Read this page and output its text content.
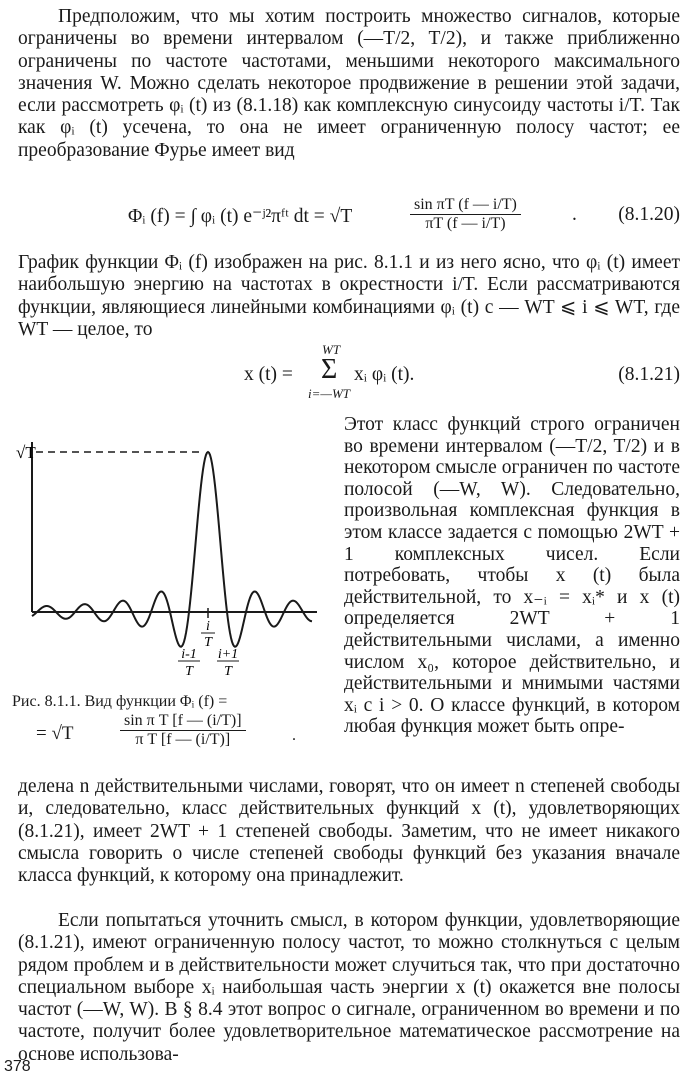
Предположим, что мы хотим построить множество сигналов, которые ограничены во времени интервалом (—T/2, T/2), и также приближенно ограничены по частоте частотами, меньшими некоторого максимального значения W. Можно сделать некоторое продвижение в решении этой задачи, если рассмотреть φᵢ (t) из (8.1.18) как комплексную синусоиду частоты i/T. Так как φᵢ (t) усечена, то она не имеет ограниченную полосу частот; ее преобразование Фурье имеет вид

Φᵢ (f) = ∫ φᵢ (t) e⁻ʲ²πᶠᵗ dt = √T	$\frac{\text{sin πT (f — i/T)}}{\pi T (f — i/T)}$	. (8.1.20)

График функции Φᵢ (f) изображен на рис. 8.1.1 и из него ясно, что φᵢ (t) имеет наибольшую энергию на частотах в окрестности i/T. Если рассматриваются функции, являющиеся линейными комбинациями φᵢ (t) с — WT ⩽ i ⩽ WT, где WT — целое, то

x (t) =
WT
Σ
i=—WT
xᵢ φᵢ (t).	(8.1.21)
√T
i
T
i-1
T
i+1
T
Рис. 8.1.1. Вид функции Φᵢ (f) =
= √T	$\frac{\text{sin π T [f — (i/T)]}}{\text{π T [f — (i/T)]}}$	.

Этот класс функций строго ограничен во времени интервалом (—T/2, T/2) и в некотором смысле ограничен по частоте полосой (—W, W). Следовательно, произвольная комплексная функция в этом классе задается с помощью 2WT + 1 комплексных чисел. Если потребовать, чтобы x (t) была действительной, то x₋ᵢ = xᵢ* и x (t) определяется 2WT + 1 действительными числами, а именно числом x₀, которое действительно, и действительными и мнимыми частями xᵢ с i > 0. О классе функций, в котором любая функция может быть опре-

делена n действительными числами, говорят, что он имеет n степеней свободы и, следовательно, класс действительных функций x (t), удовлетворяющих (8.1.21), имеет 2WT + 1 степеней свободы. Заметим, что не имеет никакого смысла говорить о числе степеней свободы функций без указания вначале класса функций, к которому она принадлежит.

Если попытаться уточнить смысл, в котором функции, удовлетворяющие (8.1.21), имеют ограниченную полосу частот, то можно столкнуться с целым рядом проблем и в действительности может случиться так, что при достаточно специальном выборе xᵢ наибольшая часть энергии x (t) окажется вне полосы частот (—W, W). В § 8.4 этот вопрос о сигнале, ограниченном во времени и по частоте, получит более удовлетворительное математическое рассмотрение на основе использова-

378
